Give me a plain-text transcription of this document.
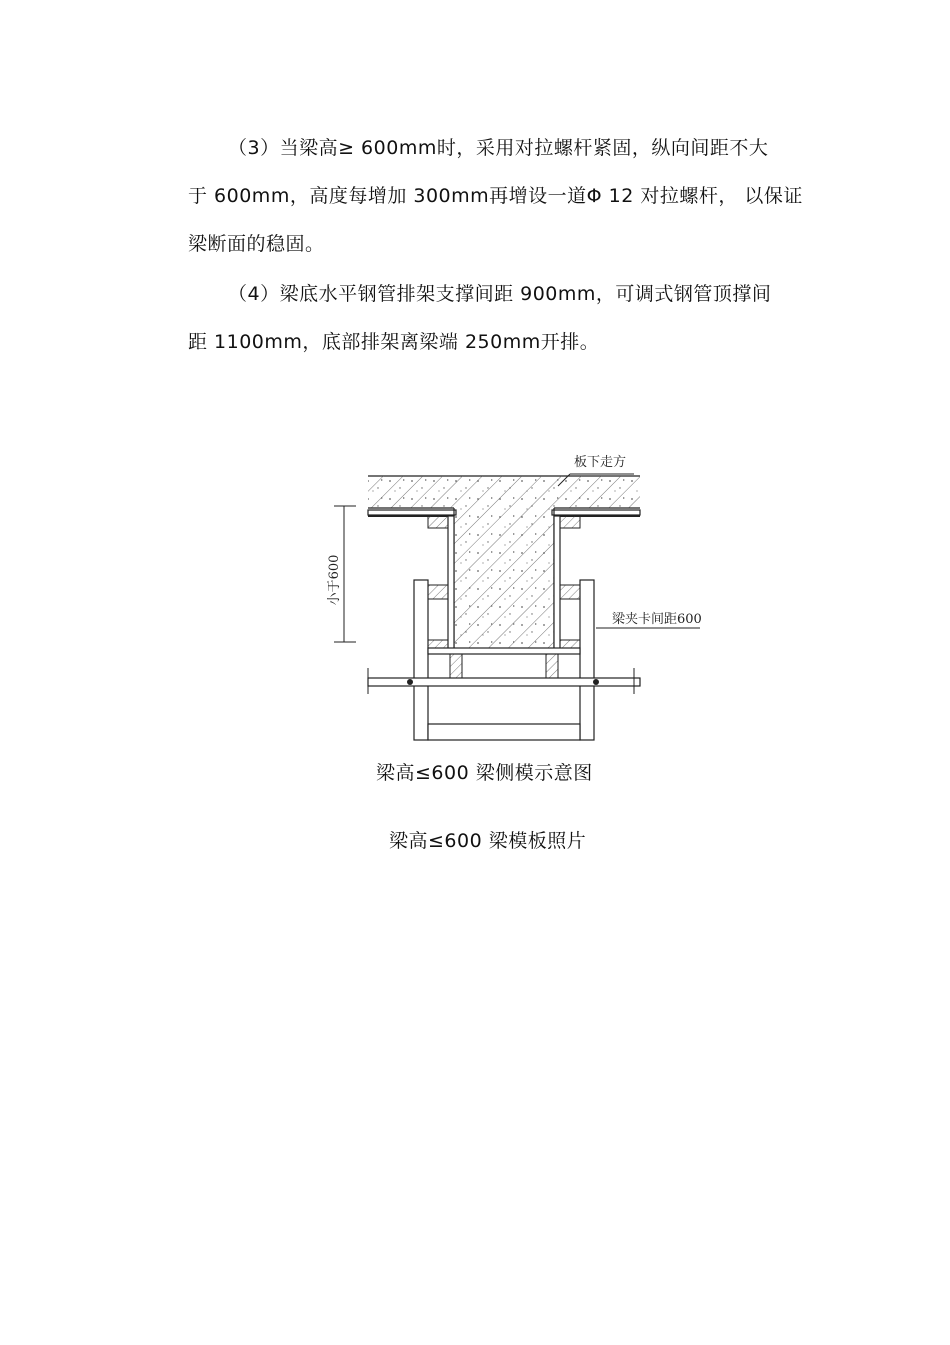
（3）当梁高≥ 600mm时，采用对拉螺杆紧固，纵向间距不大
于 600mm，高度每增加 300mm再增设一道Φ 12 对拉螺杆， 以保证
梁断面的稳固。

（4）梁底水平钢管排架支撑间距 900mm，可调式钢管顶撑间
距 1100mm，底部排架离梁端 250mm开排。

小于600
板下走方
梁夹卡间距600
梁高≤600 梁侧模示意图
梁高≤600 梁模板照片
